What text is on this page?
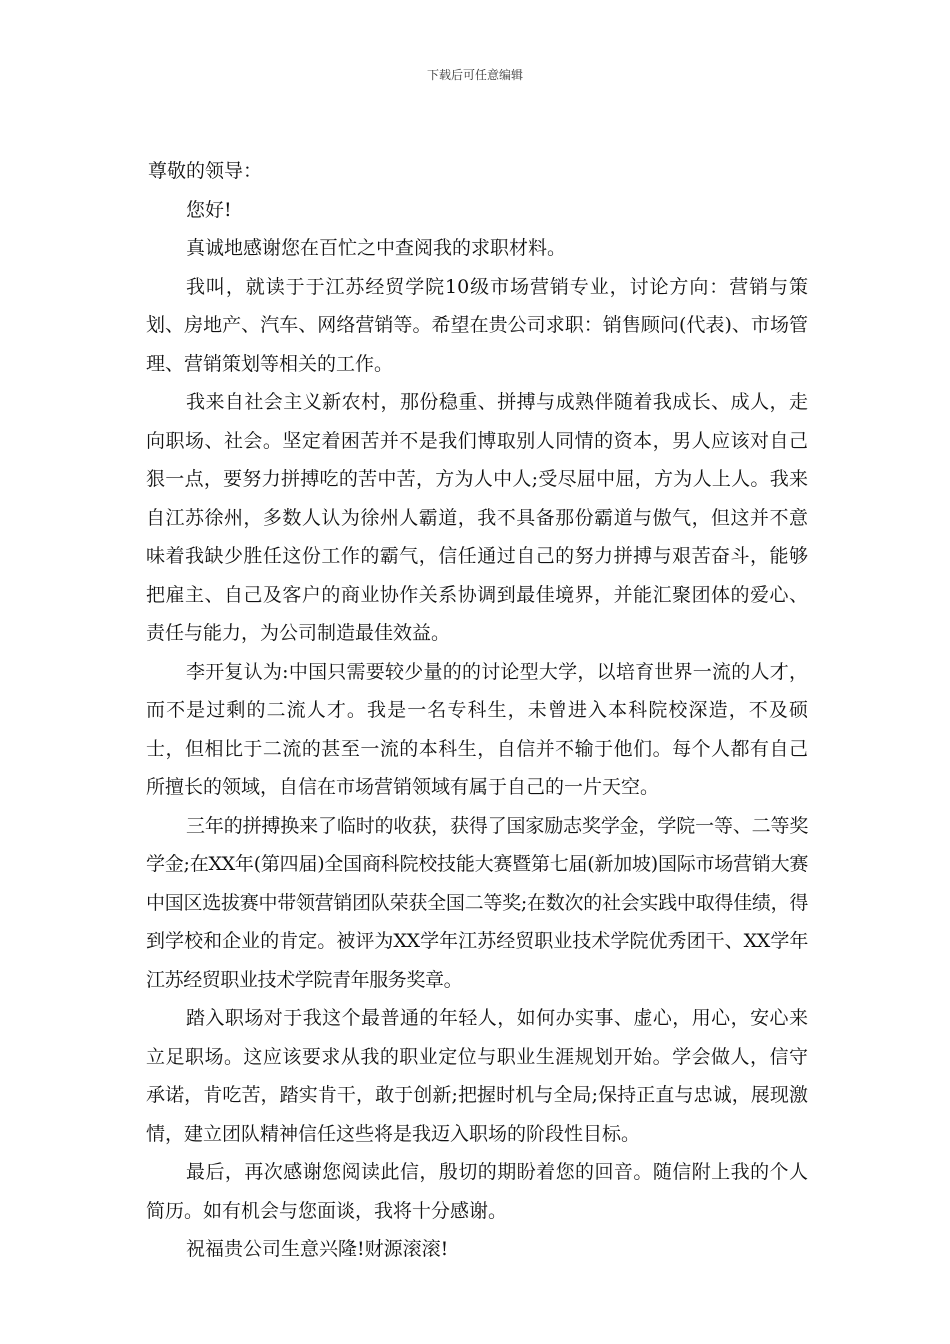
下载后可任意编辑

尊敬的领导：

您好!

真诚地感谢您在百忙之中查阅我的求职材料。

我叫，就读于于江苏经贸学院10级市场营销专业，讨论方向：营销与策划、房地产、汽车、网络营销等。希望在贵公司求职：销售顾问(代表)、市场管理、营销策划等相关的工作。

我来自社会主义新农村，那份稳重、拼搏与成熟伴随着我成长、成人，走向职场、社会。坚定着困苦并不是我们博取别人同情的资本，男人应该对自己狠一点，要努力拼搏吃的苦中苦，方为人中人;受尽屈中屈，方为人上人。我来自江苏徐州，多数人认为徐州人霸道，我不具备那份霸道与傲气，但这并不意味着我缺少胜任这份工作的霸气，信任通过自己的努力拼搏与艰苦奋斗，能够把雇主、自己及客户的商业协作关系协调到最佳境界，并能汇聚团体的爱心、责任与能力，为公司制造最佳效益。

李开复认为:中国只需要较少量的的讨论型大学，以培育世界一流的人才，而不是过剩的二流人才。我是一名专科生，未曾进入本科院校深造，不及硕士，但相比于二流的甚至一流的本科生，自信并不输于他们。每个人都有自己所擅长的领域，自信在市场营销领域有属于自己的一片天空。

三年的拼搏换来了临时的收获，获得了国家励志奖学金，学院一等、二等奖学金;在XX年(第四届)全国商科院校技能大赛暨第七届(新加坡)国际市场营销大赛中国区选拔赛中带领营销团队荣获全国二等奖;在数次的社会实践中取得佳绩，得到学校和企业的肯定。被评为XX学年江苏经贸职业技术学院优秀团干、XX学年江苏经贸职业技术学院青年服务奖章。

踏入职场对于我这个最普通的年轻人，如何办实事、虚心，用心，安心来立足职场。这应该要求从我的职业定位与职业生涯规划开始。学会做人，信守承诺，肯吃苦，踏实肯干，敢于创新;把握时机与全局;保持正直与忠诚，展现激情，建立团队精神信任这些将是我迈入职场的阶段性目标。

最后，再次感谢您阅读此信，殷切的期盼着您的回音。随信附上我的个人简历。如有机会与您面谈，我将十分感谢。

祝福贵公司生意兴隆!财源滚滚!
